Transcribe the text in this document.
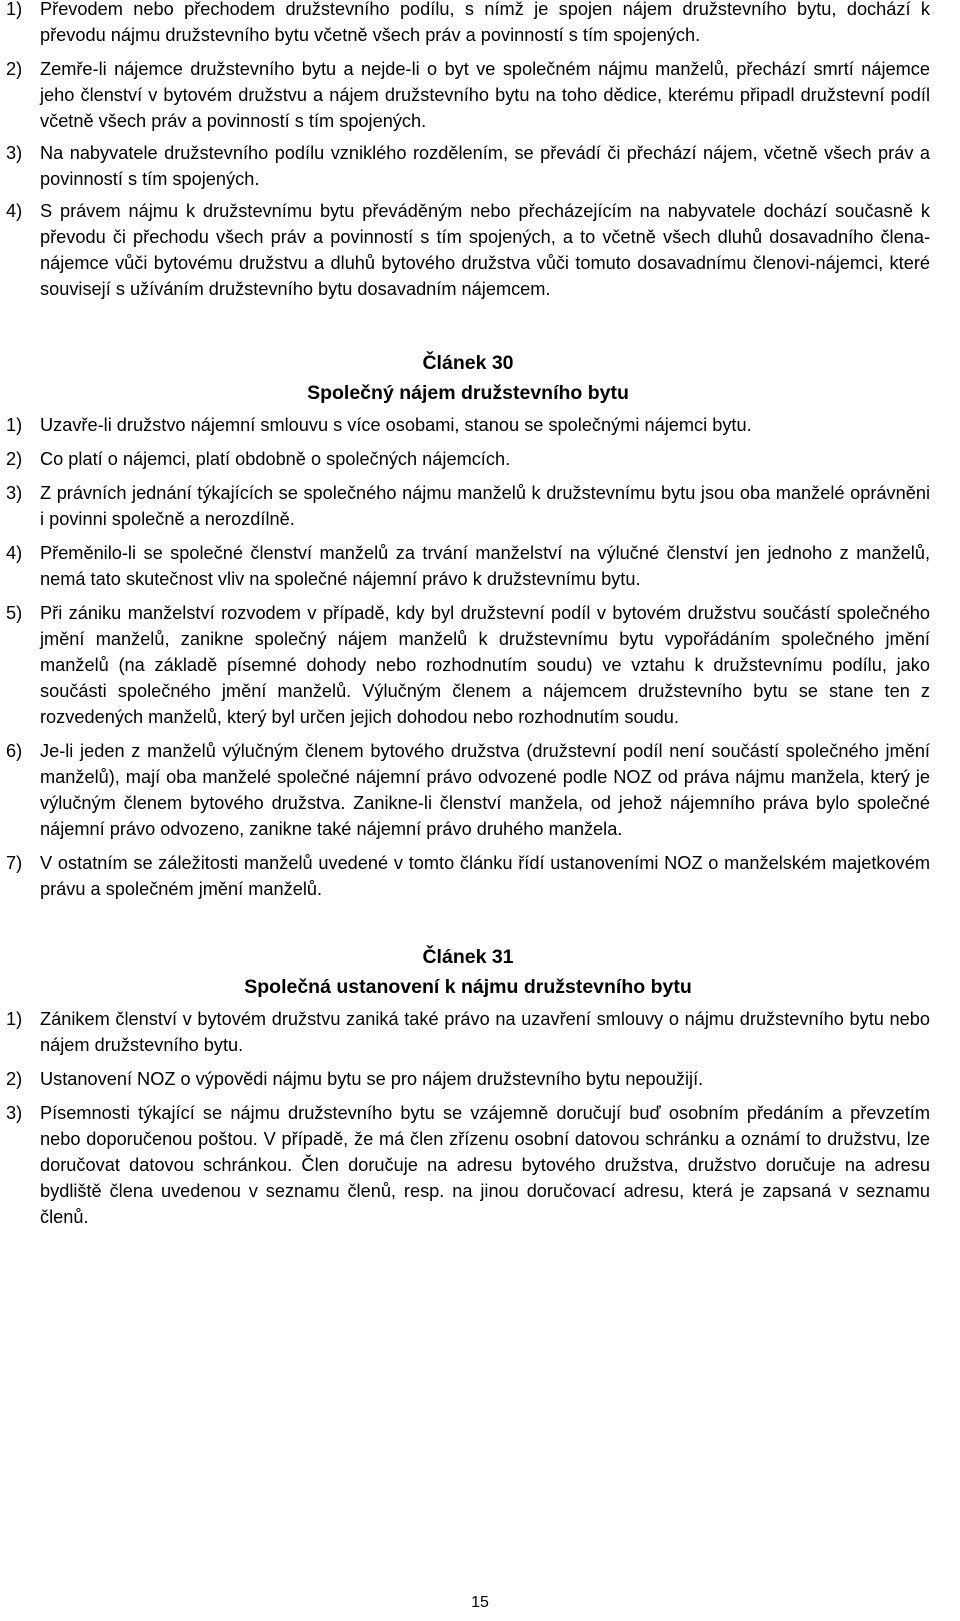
1) Převodem nebo přechodem družstevního podílu, s nímž je spojen nájem družstevního bytu, dochází k převodu nájmu družstevního bytu včetně všech práv a povinností s tím spojených.

2) Zemře-li nájemce družstevního bytu a nejde-li o byt ve společném nájmu manželů, přechází smrtí nájemce jeho členství v bytovém družstvu a nájem družstevního bytu na toho dědice, kterému připadl družstevní podíl včetně všech práv a povinností s tím spojených.

3) Na nabyvatele družstevního podílu vzniklého rozdělením, se převádí či přechází nájem, včetně všech práv a povinností s tím spojených.

4) S právem nájmu k družstevnímu bytu převáděným nebo přecházejícím na nabyvatele dochází současně k převodu či přechodu všech práv a povinností s tím spojených, a to včetně všech dluhů dosavadního člena-nájemce vůči bytovému družstvu a dluhů bytového družstva vůči tomuto dosavadnímu členovi-nájemci, které souvisejí s užíváním družstevního bytu dosavadním nájemcem.

Článek 30

Společný nájem družstevního bytu

1) Uzavře-li družstvo nájemní smlouvu s více osobami, stanou se společnými nájemci bytu.

2) Co platí o nájemci, platí obdobně o společných nájemcích.

3) Z právních jednání týkajících se společného nájmu manželů k družstevnímu bytu jsou oba manželé oprávněni i povinni společně a nerozdílně.

4) Přeměnilo-li se společné členství manželů za trvání manželství na výlučné členství jen jednoho z manželů, nemá tato skutečnost vliv na společné nájemní právo k družstevnímu bytu.

5) Při zániku manželství rozvodem v případě, kdy byl družstevní podíl v bytovém družstvu součástí společného jmění manželů, zanikne společný nájem manželů k družstevnímu bytu vypořádáním společného jmění manželů (na základě písemné dohody nebo rozhodnutím soudu) ve vztahu k družstevnímu podílu, jako součásti společného jmění manželů. Výlučným členem a nájemcem družstevního bytu se stane ten z rozvedených manželů, který byl určen jejich dohodou nebo rozhodnutím soudu.

6) Je-li jeden z manželů výlučným členem bytového družstva (družstevní podíl není součástí společného jmění manželů), mají oba manželé společné nájemní právo odvozené podle NOZ od práva nájmu manžela, který je výlučným členem bytového družstva. Zanikne-li členství manžela, od jehož nájemního práva bylo společné nájemní právo odvozeno, zanikne také nájemní právo druhého manžela.

7) V ostatním se záležitosti manželů uvedené v tomto článku řídí ustanoveními NOZ o manželském majetkovém právu a společném jmění manželů.

Článek 31

Společná ustanovení k nájmu družstevního bytu

1) Zánikem členství v bytovém družstvu zaniká také právo na uzavření smlouvy o nájmu družstevního bytu nebo nájem družstevního bytu.

2) Ustanovení NOZ o výpovědi nájmu bytu se pro nájem družstevního bytu nepoužijí.

3) Písemnosti týkající se nájmu družstevního bytu se vzájemně doručují buď osobním předáním a převzetím nebo doporučenou poštou. V případě, že má člen zřízenu osobní datovou schránku a oznámí to družstvu, lze doručovat datovou schránkou. Člen doručuje na adresu bytového družstva, družstvo doručuje na adresu bydliště člena uvedenou v seznamu členů, resp. na jinou doručovací adresu, která je zapsaná v seznamu členů.

15
